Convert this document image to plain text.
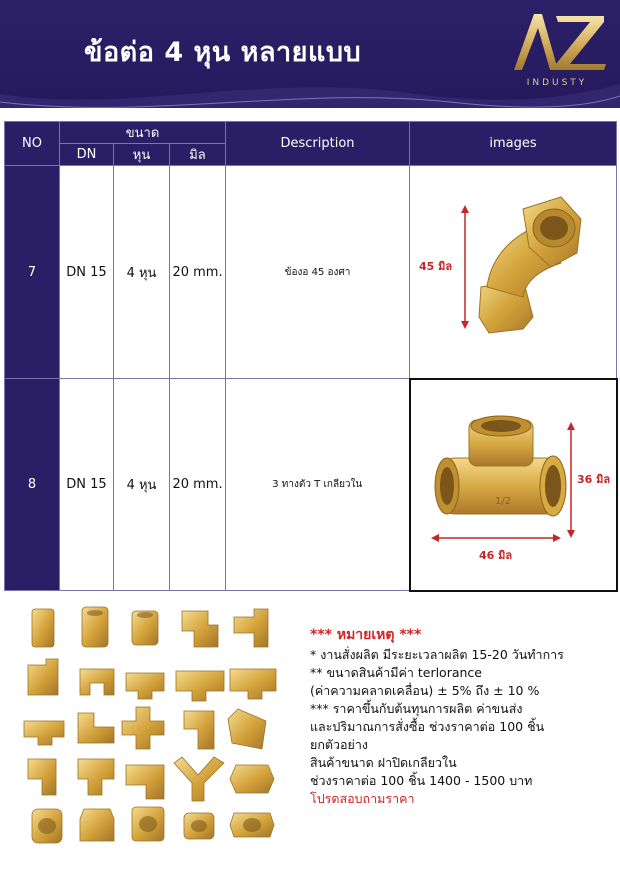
ข้อต่อ 4 หุน หลายแบบ
INDUSTY
NO	ขนาด			Description	images
	DN	หุน	มิล		
7	DN 15	4 หุน	20 mm.	ข้องอ 45 องศา	45 มิล

8	DN 15	4 หุน	20 mm.	3 ทางตัว T เกลียวใน	1/2
36 มิล
46 มิล
*** หมายเหตุ ***
* งานสั่งผลิต มีระยะเวลาผลิต 15-20 วันทำการ
** ขนาดสินค้ามีค่า terlorance
(ค่าความคลาดเคลื่อน) ± 5% ถึง ± 10 %
*** ราคาขึ้นกับต้นทุนการผลิต ค่าขนส่ง
และปริมาณการสั่งซื้อ ช่วงราคาต่อ 100 ชิ้น
ยกตัวอย่าง
สินค้าขนาด ฝาปิดเกลียวใน
ช่วงราคาต่อ 100 ชิ้น 1400 - 1500 บาท
โปรดสอบถามราคา
